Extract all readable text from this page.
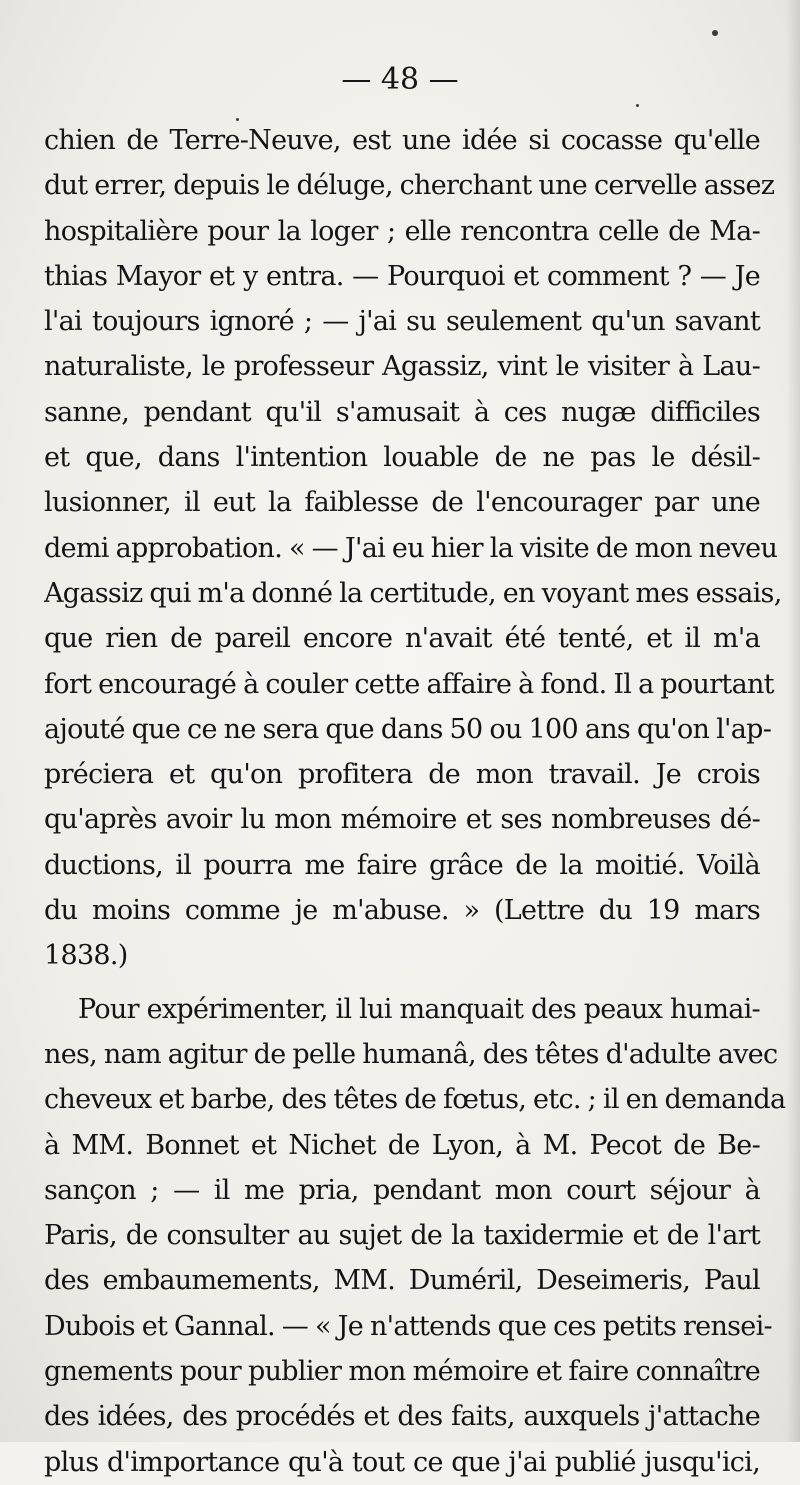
— 48 —
chien de Terre-Neuve, est une idée si cocasse qu'elle
dut errer, depuis le déluge, cherchant une cervelle assez
hospitalière pour la loger ; elle rencontra celle de Ma-
thias Mayor et y entra. — Pourquoi et comment ? — Je
l'ai toujours ignoré ; — j'ai su seulement qu'un savant
naturaliste, le professeur Agassiz, vint le visiter à Lau-
sanne, pendant qu'il s'amusait à ces nugæ difficiles
et que, dans l'intention louable de ne pas le désil-
lusionner, il eut la faiblesse de l'encourager par une
demi approbation. « — J'ai eu hier la visite de mon neveu
Agassiz qui m'a donné la certitude, en voyant mes essais,
que rien de pareil encore n'avait été tenté, et il m'a
fort encouragé à couler cette affaire à fond. Il a pourtant
ajouté que ce ne sera que dans 50 ou 100 ans qu'on l'ap-
préciera et qu'on profitera de mon travail. Je crois
qu'après avoir lu mon mémoire et ses nombreuses dé-
ductions, il pourra me faire grâce de la moitié. Voilà
du moins comme je m'abuse. » (Lettre du 19 mars
1838.)
Pour expérimenter, il lui manquait des peaux humai-
nes, nam agitur de pelle humanâ, des têtes d'adulte avec
cheveux et barbe, des têtes de fœtus, etc. ; il en demanda
à MM. Bonnet et Nichet de Lyon, à M. Pecot de Be-
sançon ; — il me pria, pendant mon court séjour à
Paris, de consulter au sujet de la taxidermie et de l'art
des embaumements, MM. Duméril, Deseimeris, Paul
Dubois et Gannal. — « Je n'attends que ces petits rensei-
gnements pour publier mon mémoire et faire connaître
des idées, des procédés et des faits, auxquels j'attache
plus d'importance qu'à tout ce que j'ai publié jusqu'ici,
